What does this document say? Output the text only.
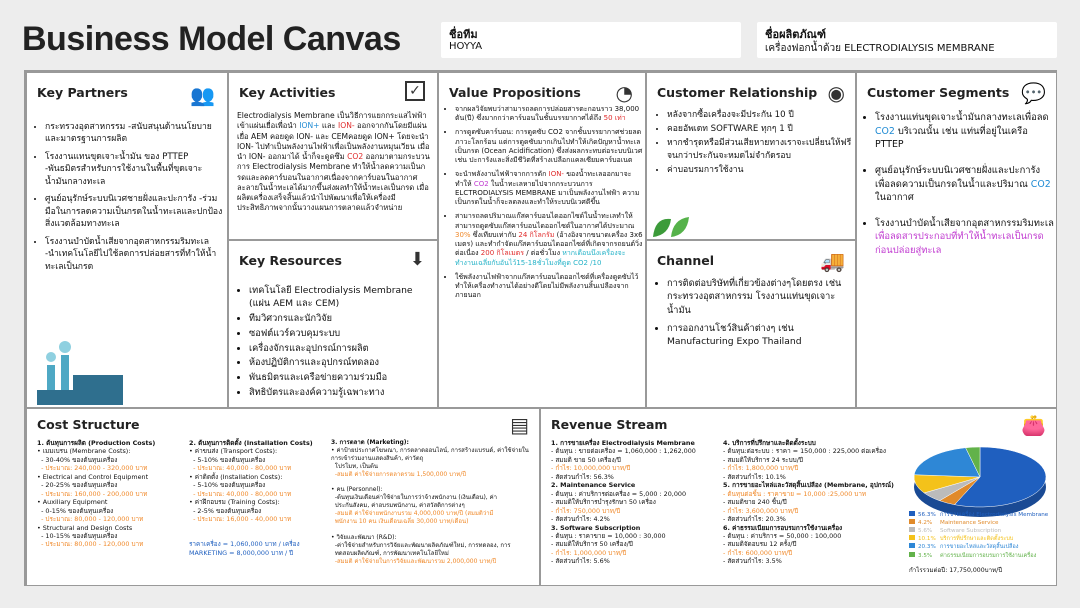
Business Model Canvas	ชื่อทีม
HOYYA
ชื่อผลิตภัณฑ์
เครื่องฟอกน้ำด้วย ELECTRODIALYSIS MEMBRANE
Key Partners	👥
• กระทรวงอุตสาหกรรม -สนับสนุนด้านนโยบายและมาตรฐานการผลิต
• โรงงานแทนขุดเจาะน้ำมัน ของ PTTEP -พันธมิตรสำหรับการใช้งานในพื้นที่ขุดเจาะน้ำมันกลางทะเล
• ศูนย์อนุรักษ์ระบบนิเวศชายฝั่งและปะการัง -ร่วมมือในการลดความเป็นกรดในน้ำทะเลและปกป้องสิ่งแวดล้อมทางทะเล
• โรงงานบำบัดน้ำเสียจากอุตสาหกรรมริมทะเล -นำเทคโนโลยีไปใช้ลดการปล่อยสารที่ทำให้น้ำทะเลเป็นกรด
Key Activities	✓
Electrodialysis Membrane เป็นวิธีการแยกกระแสไฟฟ้าเข้าแผ่นเยื่อเพื่อนำ ION+ และ ION- ออกจากกันโดยมีแผ่นเยื่อ AEM คอยดูด ION- และ CEMคอยดูด ION+ โดยจะนำ ION- ไปทำเป็นพลังงานไฟฟ้าเพื่อเป็นพลังงานหมุนเวียน เมื่อนำ ION- ออกมาได้ น้ำก็จะดูดซึม CO2 ออกมาตามกระบวนการ Electrodialysis Membrane ทำให้น้ำลดความเป็นกรดและลดคาร์บอนในอากาศเนื่องจากคาร์บอนในอากาศละลายในน้ำทะเลได้มากขึ้นส่งผลทำให้น้ำทะเลเป็นกรด เมื่อผลิตเครื่องเสร็จสิ้นแล้วนำไปพัฒนาเพื่อให้เครื่องมีประสิทธิภาพจากนั้นวางแผนการตลาดแล้วจำหน่าย
Key Resources	⬇
• เทคโนโลยี Electrodialysis Membrane (แผ่น AEM และ CEM)
• ทีมวิศวกรและนักวิจัย
• ซอฟต์แวร์ควบคุมระบบ
• เครื่องจักรและอุปกรณ์การผลิต
• ห้องปฏิบัติการและอุปกรณ์ทดลอง
• พันธมิตรและเครือข่ายความร่วมมือ
• สิทธิบัตรและองค์ความรู้เฉพาะทาง
Value Propositions ◔
• จากผลวิจัยพบว่าสามารถลดการปล่อยสารตะกอนราว 38,000 ตัน(ปี) ซึ่งมากกว่าคาร์บอนในชั้นบรรยากาศได้ถึง 50 เท่า
• การดูดซับคาร์บอน: การดูดซับ CO2 จากชั้นบรรยากาศช่วยลดภาวะโลกร้อน แต่การดูดซับมากเกินไปทำให้เกิดปัญหาน้ำทะเลเป็นกรด (Ocean Acidification) ซึ่งส่งผลกระทบต่อระบบนิเวศ เช่น ปะการังและสิ่งมีชีวิตที่สร้างเปลือกแคลเซียมคาร์บอเนต
• จะนำพลังงานไฟฟ้าจากการดัก ION- ของน้ำทะเลออกมาจะทำให้ CO2 ในน้ำทะเลหายไปจากกระบวนการ ELCTRODIALYSIS MEMBRANE มาเป็นพลังงานไฟฟ้า ความเป็นกรดในน้ำก็จะลดลงและทำให้ระบบนิเวศดีขึ้น
• สามารถลดปริมาณแก๊สคาร์บอนไดออกไซด์ในน้ำทะเลทำให้สามารถดูดซับแก๊สคาร์บอนไดออกไซด์ในอากาศได้ประมาณ 30% ซึ่งเทียบเท่ากับ 24 กิโลกรัม (อ้างอิงจากขนาดเครื่อง 3x6 เมตร) และทำกำจัดแก๊สคาร์บอนไดออกไซด์ที่เกิดจากรถยนต์วิ่งต่อเนื่อง 200 กิโลเมตร / ต่อชั่วโมง หากเดือนนึงเครื่องจะทำงานเฉลี่ยกับอันไว้15-18ชั่วโมงที่ดูด CO2 /10
• ใช้พลังงานไฟฟ้าจากแก๊สคาร์บอนไดออกไซด์ที่เครื่องดูดซับไว้ ทำให้เครื่องทำงานได้อย่างดีโดยไม่มีพลังงานสิ้นเปลืองจากภายนอก
Customer Relationship ◉
• หลังจากซื้อเครื่องจะมีประกัน 10 ปี
• คอยอัพเดท SOFTWARE ทุกๆ 1 ปี
• หากชำรุดหรือมีส่วนเสียหายทางเราจะเปลี่ยนให้ฟรีจนกว่าประกันจะหมดไม่จำกัดรอบ
• ค่าบอบรมการใช้งาน
Channel	🚚
• การติดต่อบริษัทที่เกี่ยวข้องต่างๆโดยตรง เช่น กระทรวงอุตสาหกรรม โรงงานแท่นขุดเจาะน้ำมัน
• การออกงานโชว์สินค้าต่างๆ เช่น Manufacturing Expo Thailand
Customer Segments 💬
• โรงงานแท่นขุดเจาะน้ำมันกลางทะเลเพื่อลด CO2 บริเวณนั้น เช่น แท่นที่อยู่ในเครือ PTTEP
• ศูนย์อนุรักษ์ระบบนิเวศชายฝั่งและปะการัง เพื่อลดความเป็นกรดในน้ำและปริมาณ CO2 ในอากาศ
• โรงงานบำบัดน้ำเสียจากอุตสาหกรรมริมทะเล เพื่อลดสารประกอบที่ทำให้น้ำทะเลเป็นกรดก่อนปล่อยสู่ทะเล
Cost Structure	▤
1. ต้นทุนการผลิต (Production Costs)
• เมมเบรน (Membrane Costs):
- 30-40% ของต้นทุนเครื่อง
- ประมาณ: 240,000 - 320,000 บาท
• Electrical and Control Equipment
- 20-25% ของต้นทุนเครื่อง
- ประมาณ: 160,000 - 200,000 บาท
• Auxiliary Equipment
- 0-15% ของต้นทุนเครื่อง
- ประมาณ: 80,000 - 120,000 บาท
• Structural and Design Costs
- 10-15% ของต้นทุนเครื่อง
- ประมาณ: 80,000 - 120,000 บาท
2. ต้นทุนการติดตั้ง (Installation Costs)
• ค่าขนส่ง (Transport Costs):
- 5-10% ของต้นทุนเครื่อง
- ประมาณ: 40,000 - 80,000 บาท
• ค่าติดตั้ง (Installation Costs):
- 5-10% ของต้นทุนเครื่อง
- ประมาณ: 40,000 - 80,000 บาท
• ค่าฝึกอบรม (Training Costs):
- 2-5% ของต้นทุนเครื่อง
- ประมาณ: 16,000 - 40,000 บาท

ราคาเครื่อง = 1,060,000 บาท / เครื่อง
MARKETING = 8,000,000 บาท / ปี
3. การตลาด (Marketing):
• ค่าป้ายประกาศโฆษณา, การตลาดออนไลน์, การสร้างแบรนด์, ค่าใช้จ่ายในการเข้าร่วมงานแสดงสินค้า, ค่าวัตถุ
โปรโมท, เป็นต้น
-สมมติ ค่าใช้จ่ายการตลาดรวม 1,500,000 บาท/ปี

• คน (Personnel):
-ต้นทุนเงินเดือนค่าใช้จ่ายในการว่าจ้างพนักงาน (เงินเดือน), ค่า
ประกันสังคม, ค่าอบรมพนักงาน, ค่าสวัสดิการต่างๆ
-สมมติ ค่าใช้จ่ายพนักงานรวม 4,000,000 บาท/ปี (สมมติว่ามี
พนักงาน 10 คน เงินเดือนเฉลี่ย 30,000 บาท/เดือน)

• วิจัยและพัฒนา (R&D):
-ค่าใช้จ่ายสำหรับการวิจัยและพัฒนาผลิตภัณฑ์ใหม่, การทดลอง, การ
ทดสอบผลิตภัณฑ์, การพัฒนาเทคโนโลยีใหม่
-สมมติ ค่าใช้จ่ายในการวิจัยและพัฒนารวม 2,000,000 บาท/ปี
Revenue Stream	👛
1. การขายเครื่อง Electrodialysis Membrane
- ต้นทุน : ขายต่อเครื่อง = 1,060,000 : 1,262,000
- สมมติ ขาย 50 เครื่อง/ปี
- กำไร: 10,000,000 บาท/ปี
- สัดส่วนกำไร: 56.3%
2. Maintenance Service
- ต้นทุน : ค่าบริการต่อเครื่อง = 5,000 : 20,000
- สมมติให้บริการบำรุงรักษา 50 เครื่อง
- กำไร: 750,000 บาท/ปี
- สัดส่วนกำไร: 4.2%
3. Software Subscription
- ต้นทุน : ราคาขาย = 10,000 : 30,000
- สมมติให้บริการ 50 เครื่อง/ปี
- กำไร: 1,000,000 บาท/ปี
- สัดส่วนกำไร: 5.6%
4. บริการที่ปรึกษาและติดตั้งระบบ
- ต้นทุน:ต่อระบบ : ราคา = 150,000 : 225,000 ต่อเครื่อง
- สมมติให้บริการ 24 ระบบ/ปี
- กำไร: 1,800,000 บาท/ปี
- สัดส่วนกำไร: 10.1%
5. การขายอะไหล่และวัสดุสิ้นเปลือง (Membrane, อุปกรณ์)
- ต้นทุนต่อชิ้น : ราคาขาย = 10,000 :25,000 บาท
- สมมติขาย 240 ชิ้น/ปี
- กำไร: 3,600,000 บาท/ปี
- สัดส่วนกำไร: 20.3%
6. ค่าธรรมเนียมการอบรมการใช้งานเครื่อง
- ต้นทุน : ค่าบริการ = 50,000 : 100,000
- สมมติจัดอบรม 12 ครั้ง/ปี
- กำไร: 600,000 บาท/ปี
- สัดส่วนกำไร: 3.5%
56.3% การขายเครื่อง Electrodialysis Membrane
4.2% Maintenance Service
5.6% Software Subscription
10.1% บริการที่ปรึกษาและติดตั้งระบบ
20.3% การขายอะไหล่และวัสดุสิ้นเปลือง
3.5% ค่าธรรมเนียมการอบรมการใช้งานเครื่อง
กำไรรวมต่อปี: 17,750,000บาท/ปี
